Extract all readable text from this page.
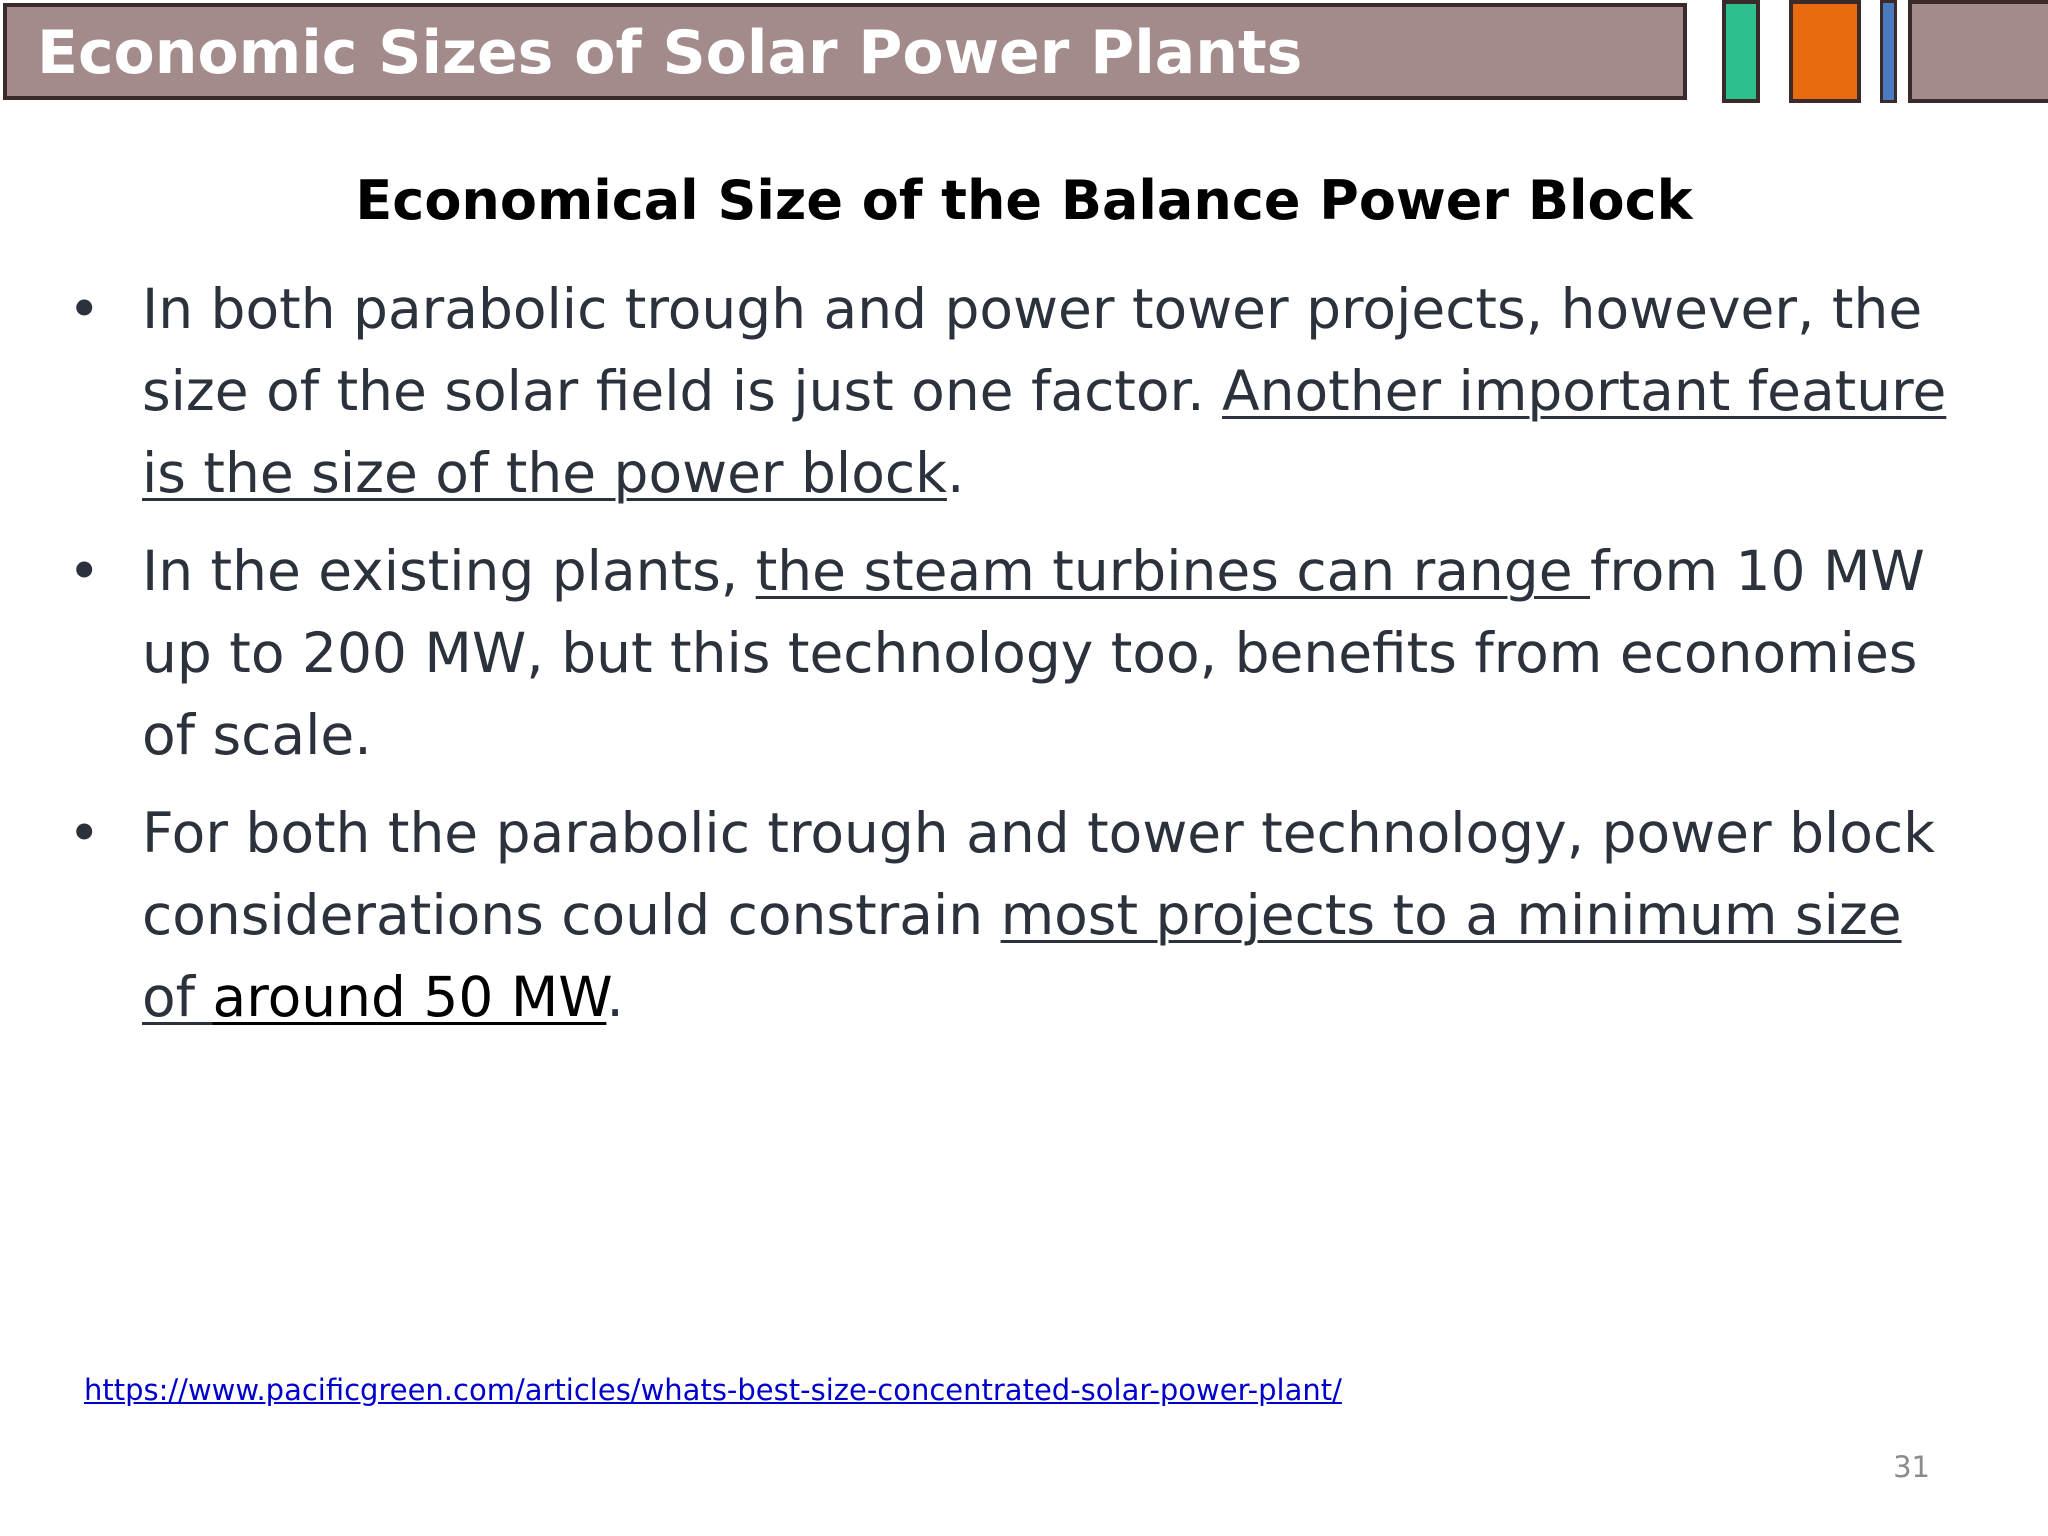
Economic Sizes of Solar Power Plants
Economical Size of the Balance Power Block
• In both parabolic trough and power tower projects, however, the size of the solar field is just one factor. Another important feature is the size of the power block.
• In the existing plants, the steam turbines can range from 10 MW up to 200 MW, but this technology too, benefits from economies of scale.
• For both the parabolic trough and tower technology, power block considerations could constrain most projects to a minimum size of around 50 MW.
https://www.pacificgreen.com/articles/whats-best-size-concentrated-solar-power-plant/
31
